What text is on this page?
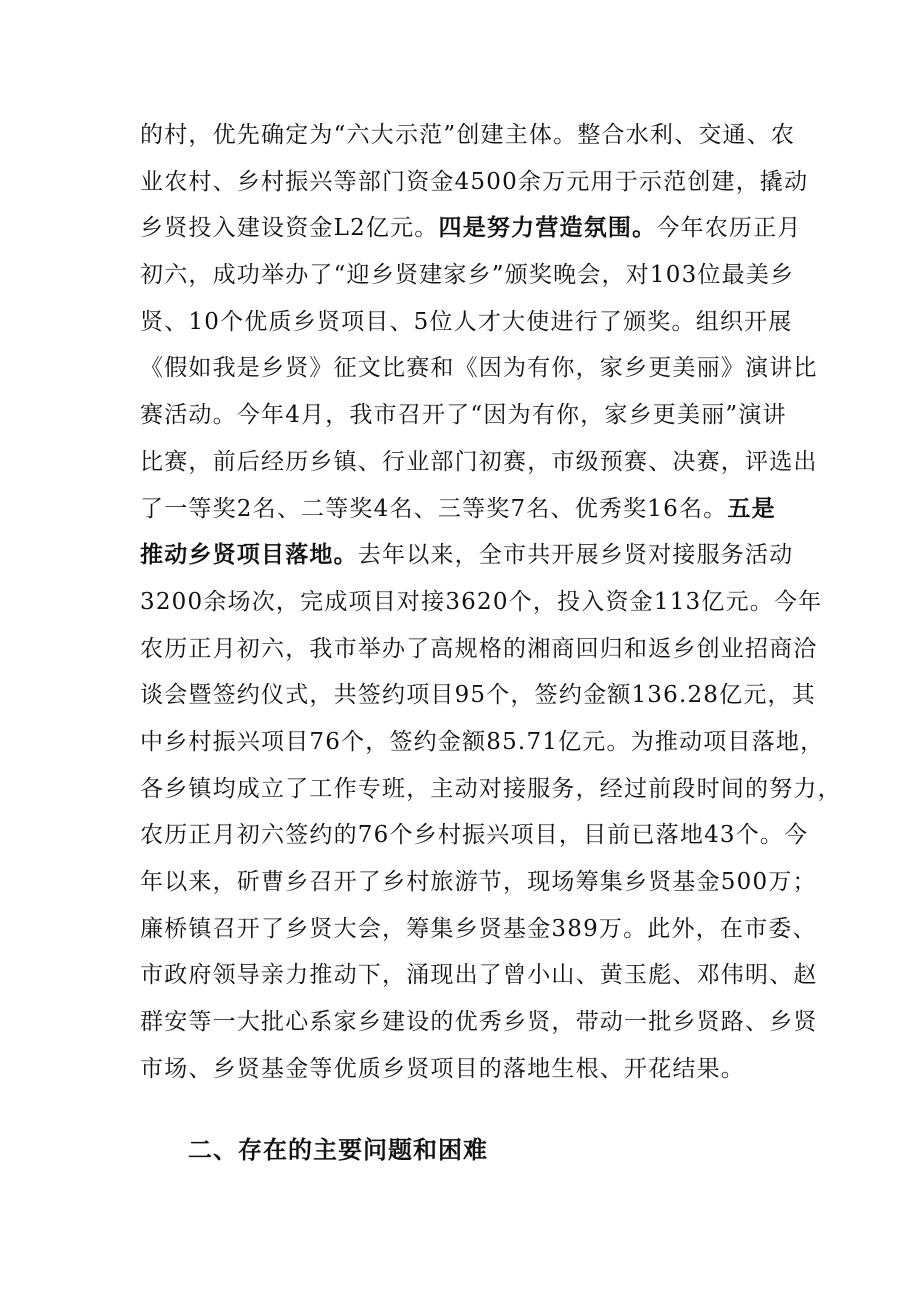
的村，优先确定为“六大示范”创建主体。整合水利、交通、农
业农村、乡村振兴等部门资金4500余万元用于示范创建，撬动
乡贤投入建设资金L2亿元。四是努力营造氛围。今年农历正月
初六，成功举办了“迎乡贤建家乡”颁奖晚会，对103位最美乡
贤、10个优质乡贤项目、5位人才大使进行了颁奖。组织开展
《假如我是乡贤》征文比赛和《因为有你，家乡更美丽》演讲比
赛活动。今年4月，我市召开了“因为有你，家乡更美丽”演讲
比赛，前后经历乡镇、行业部门初赛，市级预赛、决赛，评选出
了一等奖2名、二等奖4名、三等奖7名、优秀奖16名。五是
推动乡贤项目落地。去年以来，全市共开展乡贤对接服务活动
3200余场次，完成项目对接3620个，投入资金113亿元。今年
农历正月初六，我市举办了高规格的湘商回归和返乡创业招商洽
谈会暨签约仪式，共签约项目95个，签约金额136.28亿元，其
中乡村振兴项目76个，签约金额85.71亿元。为推动项目落地，
各乡镇均成立了工作专班，主动对接服务，经过前段时间的努力，
农历正月初六签约的76个乡村振兴项目，目前已落地43个。今
年以来，斫曹乡召开了乡村旅游节，现场筹集乡贤基金500万；
廉桥镇召开了乡贤大会，筹集乡贤基金389万。此外，在市委、
市政府领导亲力推动下，涌现出了曾小山、黄玉彪、邓伟明、赵
群安等一大批心系家乡建设的优秀乡贤，带动一批乡贤路、乡贤
市场、乡贤基金等优质乡贤项目的落地生根、开花结果。
二、存在的主要问题和困难
